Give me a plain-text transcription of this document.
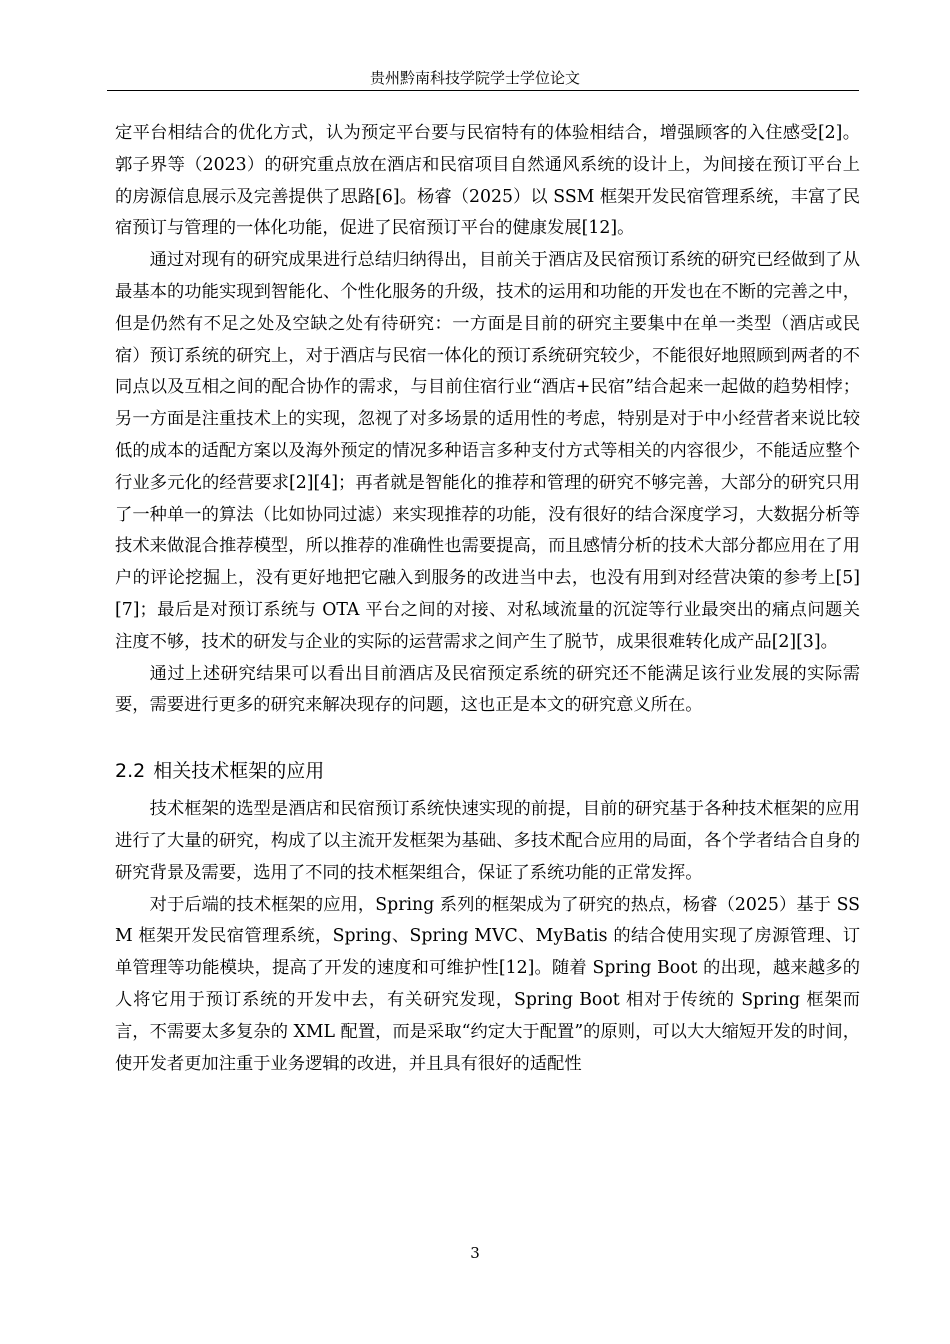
贵州黔南科技学院学士学位论文

定平台相结合的优化方式，认为预定平台要与民宿特有的体验相结合，增强顾客的入住感受[2]。郭子界等（2023）的研究重点放在酒店和民宿项目自然通风系统的设计上，为间接在预订平台上的房源信息展示及完善提供了思路[6]。杨睿（2025）以 SSM 框架开发民宿管理系统，丰富了民宿预订与管理的一体化功能，促进了民宿预订平台的健康发展[12]。

通过对现有的研究成果进行总结归纳得出，目前关于酒店及民宿预订系统的研究已经做到了从最基本的功能实现到智能化、个性化服务的升级，技术的运用和功能的开发也在不断的完善之中，但是仍然有不足之处及空缺之处有待研究：一方面是目前的研究主要集中在单一类型（酒店或民宿）预订系统的研究上，对于酒店与民宿一体化的预订系统研究较少，不能很好地照顾到两者的不同点以及互相之间的配合协作的需求，与目前住宿行业“酒店+民宿”结合起来一起做的趋势相悖；另一方面是注重技术上的实现，忽视了对多场景的适用性的考虑，特别是对于中小经营者来说比较低的成本的适配方案以及海外预定的情况多种语言多种支付方式等相关的内容很少，不能适应整个行业多元化的经营要求[2][4]；再者就是智能化的推荐和管理的研究不够完善，大部分的研究只用了一种单一的算法（比如协同过滤）来实现推荐的功能，没有很好的结合深度学习，大数据分析等技术来做混合推荐模型，所以推荐的准确性也需要提高，而且感情分析的技术大部分都应用在了用户的评论挖掘上，没有更好地把它融入到服务的改进当中去，也没有用到对经营决策的参考上[5][7]；最后是对预订系统与 OTA 平台之间的对接、对私域流量的沉淀等行业最突出的痛点问题关注度不够，技术的研发与企业的实际的运营需求之间产生了脱节，成果很难转化成产品[2][3]。

通过上述研究结果可以看出目前酒店及民宿预定系统的研究还不能满足该行业发展的实际需要，需要进行更多的研究来解决现存的问题，这也正是本文的研究意义所在。

2.2 相关技术框架的应用

技术框架的选型是酒店和民宿预订系统快速实现的前提，目前的研究基于各种技术框架的应用进行了大量的研究，构成了以主流开发框架为基础、多技术配合应用的局面，各个学者结合自身的研究背景及需要，选用了不同的技术框架组合，保证了系统功能的正常发挥。

对于后端的技术框架的应用，Spring 系列的框架成为了研究的热点，杨睿（2025）基于 SSM 框架开发民宿管理系统，Spring、Spring MVC、MyBatis 的结合使用实现了房源管理、订单管理等功能模块，提高了开发的速度和可维护性[12]。随着 Spring Boot 的出现，越来越多的人将它用于预订系统的开发中去，有关研究发现，Spring Boot 相对于传统的 Spring 框架而言，不需要太多复杂的 XML 配置，而是采取“约定大于配置”的原则，可以大大缩短开发的时间，使开发者更加注重于业务逻辑的改进，并且具有很好的适配性

3
